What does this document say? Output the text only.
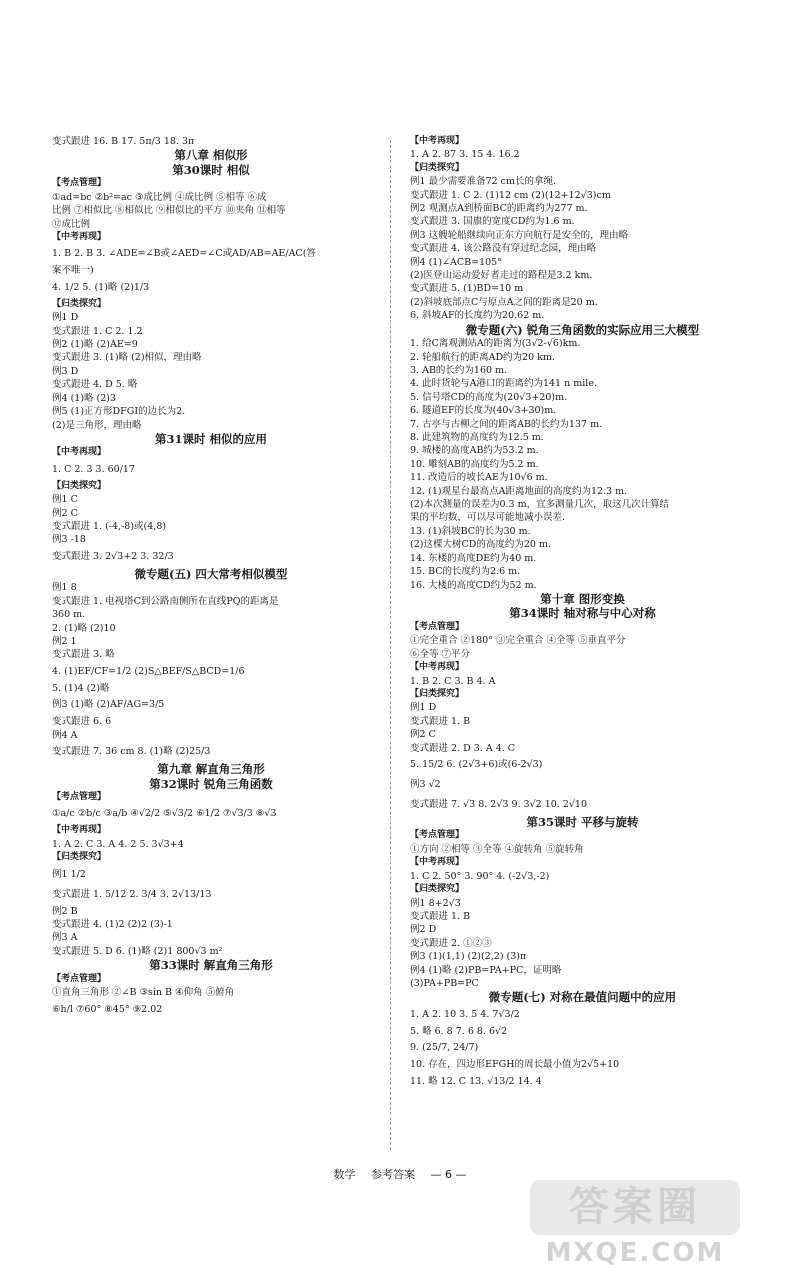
变式跟进 16. B 17. 5π/3 18. 3π
第八章 相似形
第30课时 相似
【考点管理】
①ad=bc ②b²=ac ③成比例 ④成比例 ⑤相等 ⑥成
比例 ⑦相似比 ⑧相似比 ⑨相似比的平方 ⑩夹角 ⑪相等
⑫成比例
【中考再现】
1. B 2. B 3. ∠ADE=∠B或∠AED=∠C或AD/AB=AE/AC(答
案不唯一)
4. 1/2 5. (1)略 (2)1/3
【归类探究】
例1 D
变式跟进 1. C 2. 1.2
例2 (1)略 (2)AE=9
变式跟进 3. (1)略 (2)相似，理由略
例3 D
变式跟进 4. D 5. 略
例4 (1)略 (2)3
例5 (1)正方形DFGI的边长为2.
(2)是三角形，理由略
第31课时 相似的应用
【中考再现】
1. C 2. 3 3. 60/17
【归类探究】
例1 C
例2 C
变式跟进 1. (-4,-8)或(4,8)
例3 -18
变式跟进 3. 2√3+2 3. 32/3
微专题(五) 四大常考相似模型
例1 8
变式跟进 1. 电视塔C到公路南侧所在直线PQ的距离是
360 m.
2. (1)略 (2)10
例2 1
变式跟进 3. 略
4. (1)EF/CF=1/2 (2)S△BEF/S△BCD=1/6
5. (1)4 (2)略
例3 (1)略 (2)AF/AG=3/5
变式跟进 6. 6
例4 A
变式跟进 7. 36 cm 8. (1)略 (2)25/3
第九章 解直角三角形
第32课时 锐角三角函数
【考点管理】
①a/c ②b/c ③a/b ④√2/2 ⑤√3/2 ⑥1/2 ⑦√3/3 ⑧√3
【中考再现】
1. A 2. C 3. A 4. 2 5. 3√3+4
【归类探究】
例1 1/2
变式跟进 1. 5/12 2. 3/4 3. 2√13/13
例2 B
变式跟进 4. (1)2 (2)2 (3)-1
例3 A
变式跟进 5. D 6. (1)略 (2)1 800√3 m²
第33课时 解直角三角形
【考点管理】
①直角三角形 ②∠B ③sin B ④仰角 ⑤俯角
⑥h/l ⑦60° ⑧45° ⑨2.02
【中考再现】
1. A 2. 87 3. 15 4. 16.2
【归类探究】
例1 最少需要准备72 cm长的拿绳.
变式跟进 1. C 2. (1)12 cm (2)(12+12√3)cm
例2 观测点A到桥面BC的距离约为277 m.
变式跟进 3. 国旗的宽度CD约为1.6 m.
例3 这艘轮船继续向正东方向航行是安全的，理由略
变式跟进 4. 该公路没有穿过纪念园，理由略
例4 (1)∠ACB=105°
(2)医登山运动爱好者走过的路程是3.2 km.
变式跟进 5. (1)BD=10 m
(2)斜坡底部点C与原点A之间的距离是20 m.
6. 斜坡AF的长度约为20.62 m.
微专题(六) 锐角三角函数的实际应用三大模型
1. 给C离观测站A的距离为(3√2-√6)km.
2. 轮船航行的距离AD约为20 km.
3. AB的长约为160 m.
4. 此时货轮与A港口的距离约为141 n mile.
5. 信号塔CD的高度为(20√3+20)m.
6. 隧道EF的长度为(40√3+30)m.
7. 古亭与古柳之间的距离AB的长约为137 m.
8. 此建筑物的高度约为12.5 m.
9. 城楼的高度AB约为53.2 m.
10. 雕刻AB的高度约为5.2 m.
11. 改造后的坡长AE为10√6 m.
12. (1)观星台最高点A距离地面的高度约为12.3 m.
(2)本次测量的误差为0.3 m，宜多测量几次，取这几次计算结
果的平均数，可以尽可能地减小误差.
13. (1)斜坡BC的长为30 m.
(2)这棵大树CD的高度约为20 m.
14. 东楼的高度DE约为40 m.
15. BC的长度约为2.6 m.
16. 大楼的高度CD约为52 m.
第十章 图形变换
第34课时 轴对称与中心对称
【考点管理】
①完全重合 ②180° ③完全重合 ④全等 ⑤垂直平分
⑥全等 ⑦平分
【中考再现】
1. B 2. C 3. B 4. A
【归类探究】
例1 D
变式跟进 1. B
例2 C
变式跟进 2. D 3. A 4. C
5. 15/2 6. (2√3+6)或(6-2√3)
例3 √2
变式跟进 7. √3 8. 2√3 9. 3√2 10. 2√10
第35课时 平移与旋转
【考点管理】
①方向 ②相等 ③全等 ④旋转角 ⑤旋转角
【中考再现】
1. C 2. 50° 3. 90° 4. (-2√3,-2)
【归类探究】
例1 8+2√3
变式跟进 1. B
例2 D
变式跟进 2. ①②③
例3 (1)(1,1) (2)(2,2) (3)π
例4 (1)略 (2)PB=PA+PC，证明略
(3)PA+PB=PC
微专题(七) 对称在最值问题中的应用
1. A 2. 10 3. 5 4. 7√3/2
5. 略 6. 8 7. 6 8. 6√2
9. (25/7, 24/7)
10. 存在，四边形EFGH的周长最小值为2√5+10
11. 略 12. C 13. √13/2 14. 4
数学 参考答案 — 6 —
答案圈
MXQE.COM
